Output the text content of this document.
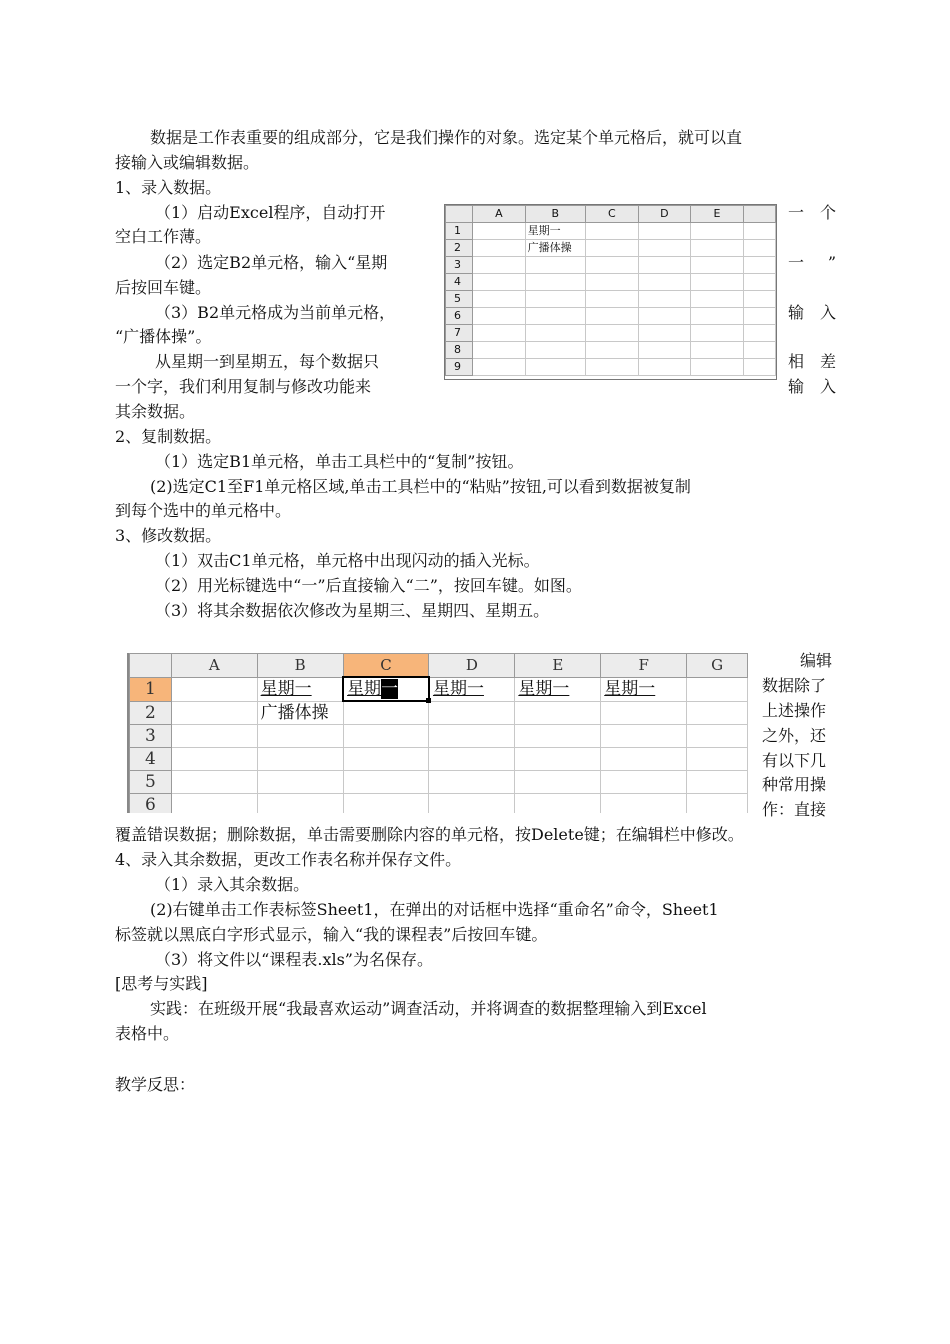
数据是工作表重要的组成部分，它是我们操作的对象。选定某个单元格后，就可以直
接输入或编辑数据。
1、录入数据。
（1）启动Excel程序，自动打开	一 个
空白工作薄。
（2）选定B2单元格，输入“星期	一 ”
后按回车键。
（3）B2单元格成为当前单元格，	输 入
“广播体操”。
从星期一到星期五，每个数据只	相 差
一个字，我们利用复制与修改功能来	输 入
其余数据。
	A	B	C	D	E	
1		星期一				
2		广播体操				
3						
4						
5						
6						
7						
8						
9						
2、复制数据。
（1）选定B1单元格，单击工具栏中的“复制”按钮。
(2)选定C1至F1单元格区域,单击工具栏中的“粘贴”按钮,可以看到数据被复制
到每个选中的单元格中。
3、修改数据。
（1）双击C1单元格，单元格中出现闪动的插入光标。
（2）用光标键选中“一”后直接输入“二”，按回车键。如图。
（3）将其余数据依次修改为星期三、星期四、星期五。
	A	B	C	D	E	F	G
1		星期一	星期一	星期一	星期一	星期一	
2		广播体操					
3							
4							
5							
6							
编辑
数据除了
上述操作
之外，还
有以下几
种常用操
作：直接
覆盖错误数据；删除数据，单击需要删除内容的单元格，按Delete键；在编辑栏中修改。
4、录入其余数据，更改工作表名称并保存文件。
（1）录入其余数据。
(2)右键单击工作表标签Sheet1，在弹出的对话框中选择“重命名”命令，Sheet1
标签就以黑底白字形式显示，输入“我的课程表”后按回车键。
（3）将文件以“课程表.xls”为名保存。
[思考与实践]
实践：在班级开展“我最喜欢运动”调查活动，并将调查的数据整理输入到Excel
表格中。
教学反思：
